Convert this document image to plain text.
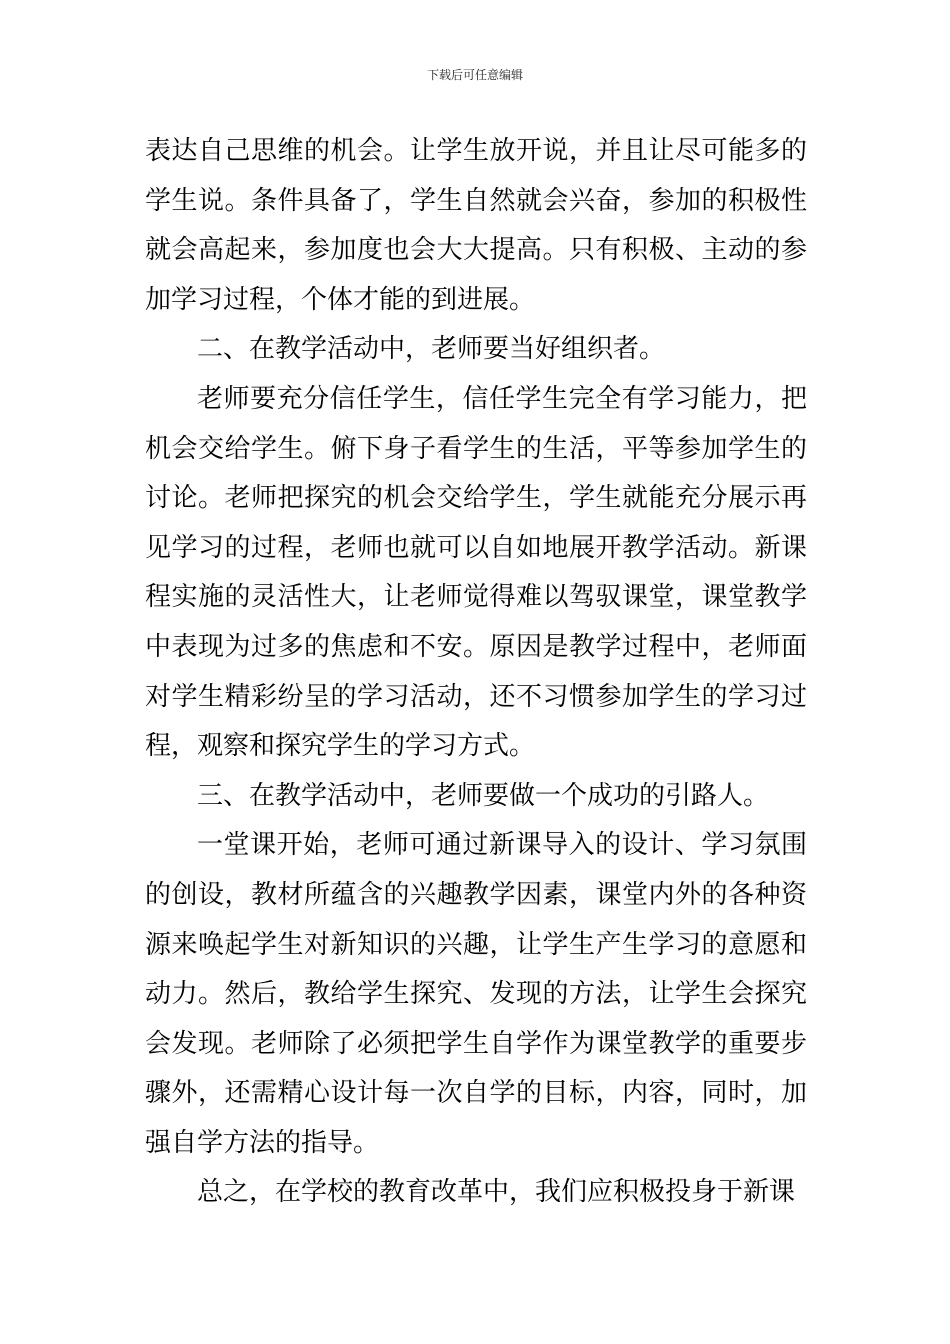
下载后可任意编辑

表达自己思维的机会。让学生放开说，并且让尽可能多的学生说。条件具备了，学生自然就会兴奋，参加的积极性就会高起来，参加度也会大大提高。只有积极、主动的参加学习过程，个体才能的到进展。

二、在教学活动中，老师要当好组织者。

老师要充分信任学生，信任学生完全有学习能力，把机会交给学生。俯下身子看学生的生活，平等参加学生的讨论。老师把探究的机会交给学生，学生就能充分展示再见学习的过程，老师也就可以自如地展开教学活动。新课程实施的灵活性大，让老师觉得难以驾驭课堂，课堂教学中表现为过多的焦虑和不安。原因是教学过程中，老师面对学生精彩纷呈的学习活动，还不习惯参加学生的学习过程，观察和探究学生的学习方式。

三、在教学活动中，老师要做一个成功的引路人。

一堂课开始，老师可通过新课导入的设计、学习氛围的创设，教材所蕴含的兴趣教学因素，课堂内外的各种资源来唤起学生对新知识的兴趣，让学生产生学习的意愿和动力。然后，教给学生探究、发现的方法，让学生会探究会发现。老师除了必须把学生自学作为课堂教学的重要步骤外，还需精心设计每一次自学的目标，内容，同时，加强自学方法的指导。

总之，在学校的教育改革中，我们应积极投身于新课
